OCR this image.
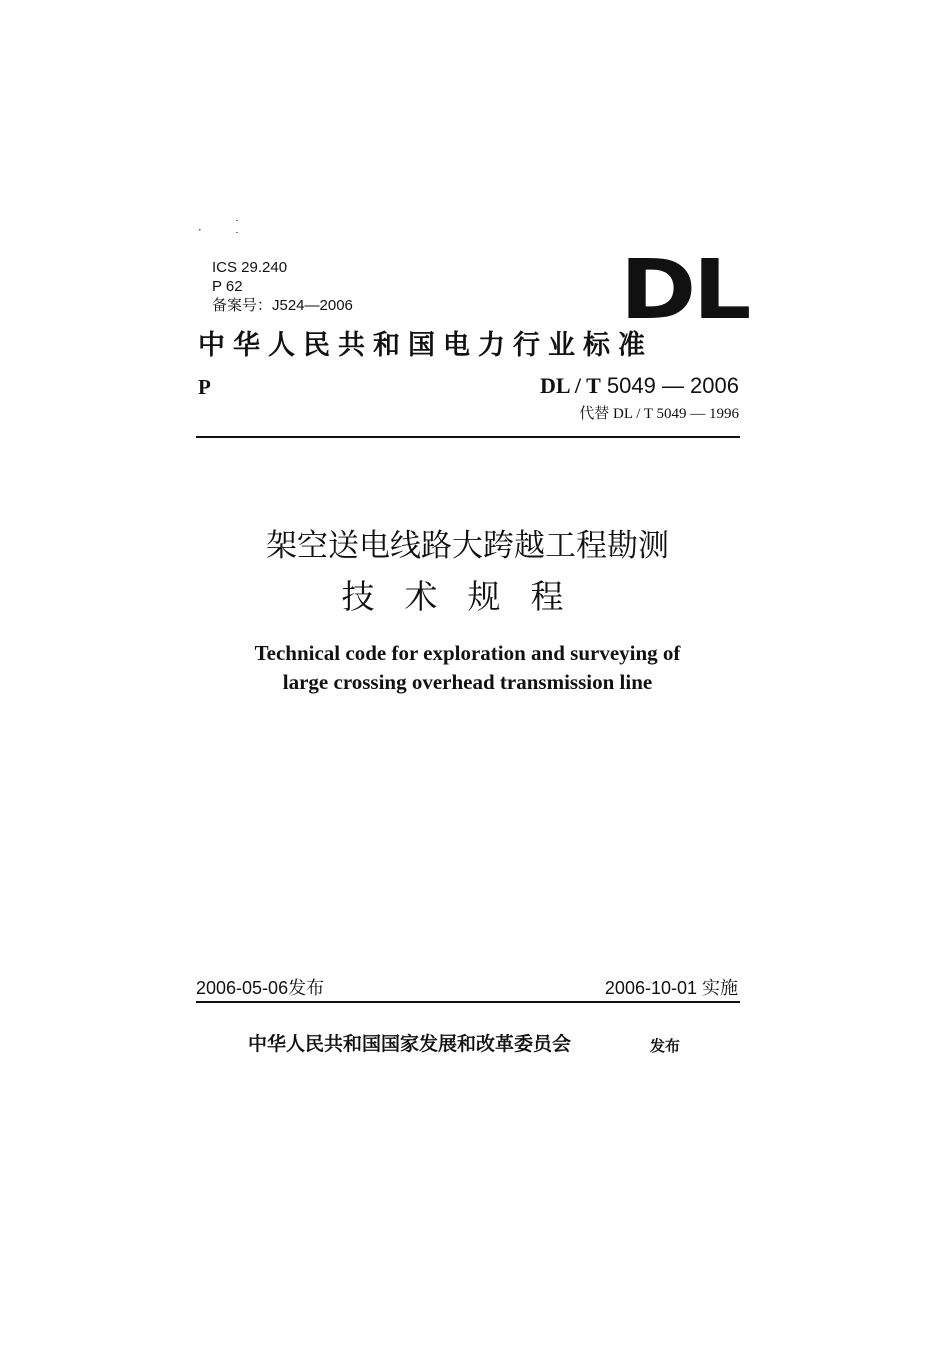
ICS 29.240
P 62
备案号：J524—2006	DL
中华人民共和国电力行业标准
P	DL / T 5049 — 2006
代替 DL / T 5049 — 1996
架空送电线路大跨越工程勘测
技术规程
Technical code for exploration and surveying of
large crossing overhead transmission line
2006-05-06发布	2006-10-01 实施
中华人民共和国国家发展和改革委员会	发布
